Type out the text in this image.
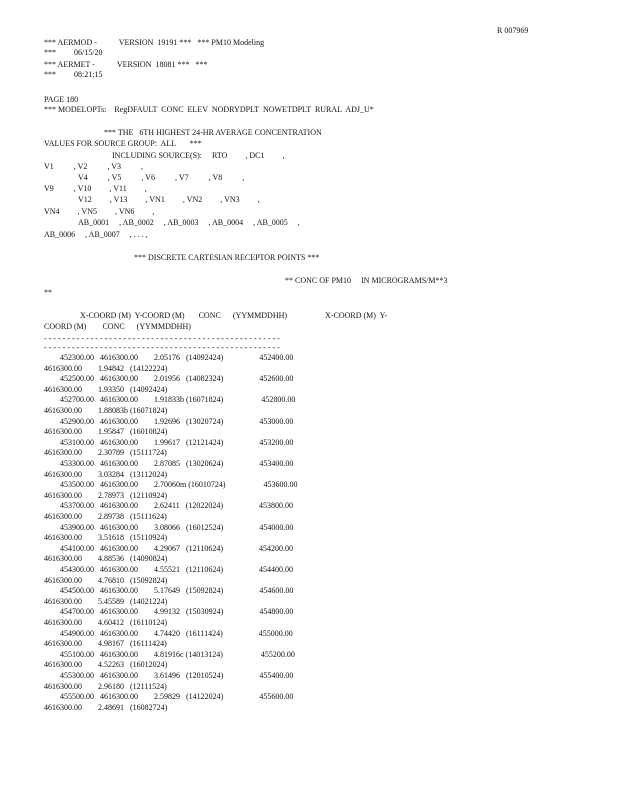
R 007969
*** AERMOD -           VERSION  19191 ***   *** PM10 Modeling
***         06/15/20
*** AERMET -           VERSION  18081 ***   ***
***         08:21:15
PAGE 180
*** MODELOPTs:    RegDFAULT  CONC  ELEV  NODRYDPLT  NOWETDPLT  RURAL  ADJ_U*
*** THE   6TH HIGHEST 24-HR AVERAGE CONCENTRATION
VALUES FOR SOURCE GROUP:  ALL       ***
INCLUDING SOURCE(S):     RTO         , DC1         ,
V1          , V2          , V3          ,
V4          , V5          , V6          , V7          , V8          ,
V9          , V10         , V11         ,
V12         , V13         , VN1         , VN2         , VN3         ,
VN4         , VN5         , VN6         ,
AB_0001     , AB_0002     , AB_0003     , AB_0004     , AB_0005     ,
AB_0006     , AB_0007     , . . . ,
*** DISCRETE CARTESIAN RECEPTOR POINTS ***
** CONC OF PM10     IN MICROGRAMS/M**3
**
X-COORD (M)  Y-COORD (M)       CONC      (YYMMDDHH)                   X-COORD (M)  Y-
COORD (M)        CONC      (YYMMDDHH)
- - - - - - - - - - - - - - - - - - - - - - - - - - - - - - - - - - - - - - - - - - - - - - - - - - -
- - - - - - - - - - - - - - - - - - - - - - - - - - - - - - - - - - - - - - - - - - - - - - - - - - -
452300.00   4616300.00        2.05176   (14092424)                  452400.00
4616300.00        1.94842   (14122224)
452500.00   4616300.00        2.01956   (14082324)                  452600.00
4616300.00        1.93350   (14092424)
452700.00   4616300.00        1.91833b (16071824)                   452800.00
4616300.00        1.88083b (16071824)
452900.00   4616300.00        1.92696   (13020724)                  453000.00
4616300.00        1.95847   (16010824)
453100.00   4616300.00        1.99617   (12121424)                  453200.00
4616300.00        2.30789   (15111724)
453300.00   4616300.00        2.87085   (13020624)                  453400.00
4616300.00        3.03284   (13112024)
453500.00   4616300.00        2.70060m (16010724)                   453600.00
4616300.00        2.78973   (12110924)
453700.00   4616300.00        2.62411   (12022024)                  453800.00
4616300.00        2.89738   (15111624)
453900.00   4616300.00        3.08066   (16012524)                  454000.00
4616300.00        3.51618   (15110924)
454100.00   4616300.00        4.29067   (12110624)                  454200.00
4616300.00        4.88536   (14090824)
454300.00   4616300.00        4.55521   (12110624)                  454400.00
4616300.00        4.76810   (15092824)
454500.00   4616300.00        5.17649   (15092824)                  454600.00
4616300.00        5.45589   (14021224)
454700.00   4616300.00        4.99132   (15030924)                  454800.00
4616300.00        4.60412   (16110124)
454900.00   4616300.00        4.74420   (16111424)                  455000.00
4616300.00        4.98167   (16111424)
455100.00   4616300.00        4.81916c (14013124)                   455200.00
4616300.00        4.52263   (16012024)
455300.00   4616300.00        3.61496   (12010524)                  455400.00
4616300.00        2.96180   (12111524)
455500.00   4616300.00        2.59829   (14122024)                  455600.00
4616300.00        2.48691   (16082724)
